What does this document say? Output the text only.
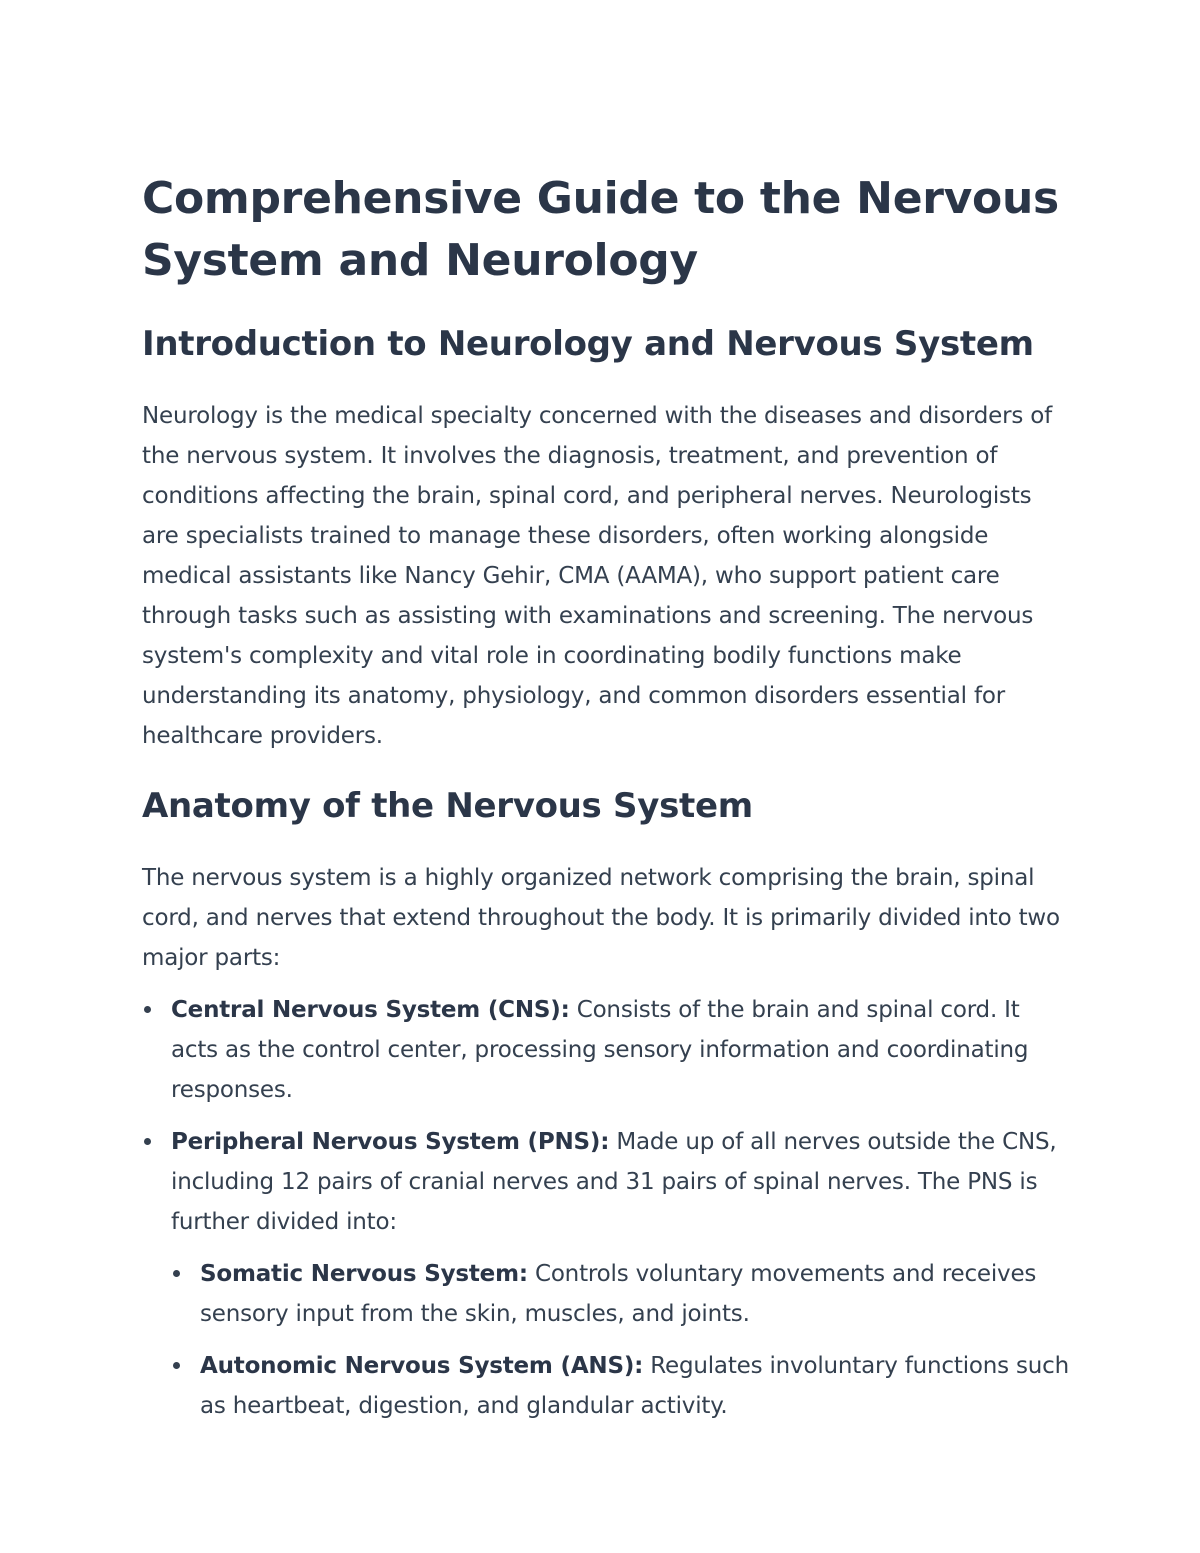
Comprehensive Guide to the Nervous System and Neurology
Introduction to Neurology and Nervous System

Neurology is the medical specialty concerned with the diseases and disorders of the nervous system. It involves the diagnosis, treatment, and prevention of conditions affecting the brain, spinal cord, and peripheral nerves. Neurologists are specialists trained to manage these disorders, often working alongside medical assistants like Nancy Gehir, CMA (AAMA), who support patient care through tasks such as assisting with examinations and screening. The nervous system's complexity and vital role in coordinating bodily functions make understanding its anatomy, physiology, and common disorders essential for healthcare providers.

Anatomy of the Nervous System

The nervous system is a highly organized network comprising the brain, spinal cord, and nerves that extend throughout the body. It is primarily divided into two major parts:

Central Nervous System (CNS): Consists of the brain and spinal cord. It acts as the control center, processing sensory information and coordinating responses.
Peripheral Nervous System (PNS): Made up of all nerves outside the CNS, including 12 pairs of cranial nerves and 31 pairs of spinal nerves. The PNS is further divided into:
Somatic Nervous System: Controls voluntary movements and receives sensory input from the skin, muscles, and joints.
Autonomic Nervous System (ANS): Regulates involuntary functions such as heartbeat, digestion, and glandular activity.
